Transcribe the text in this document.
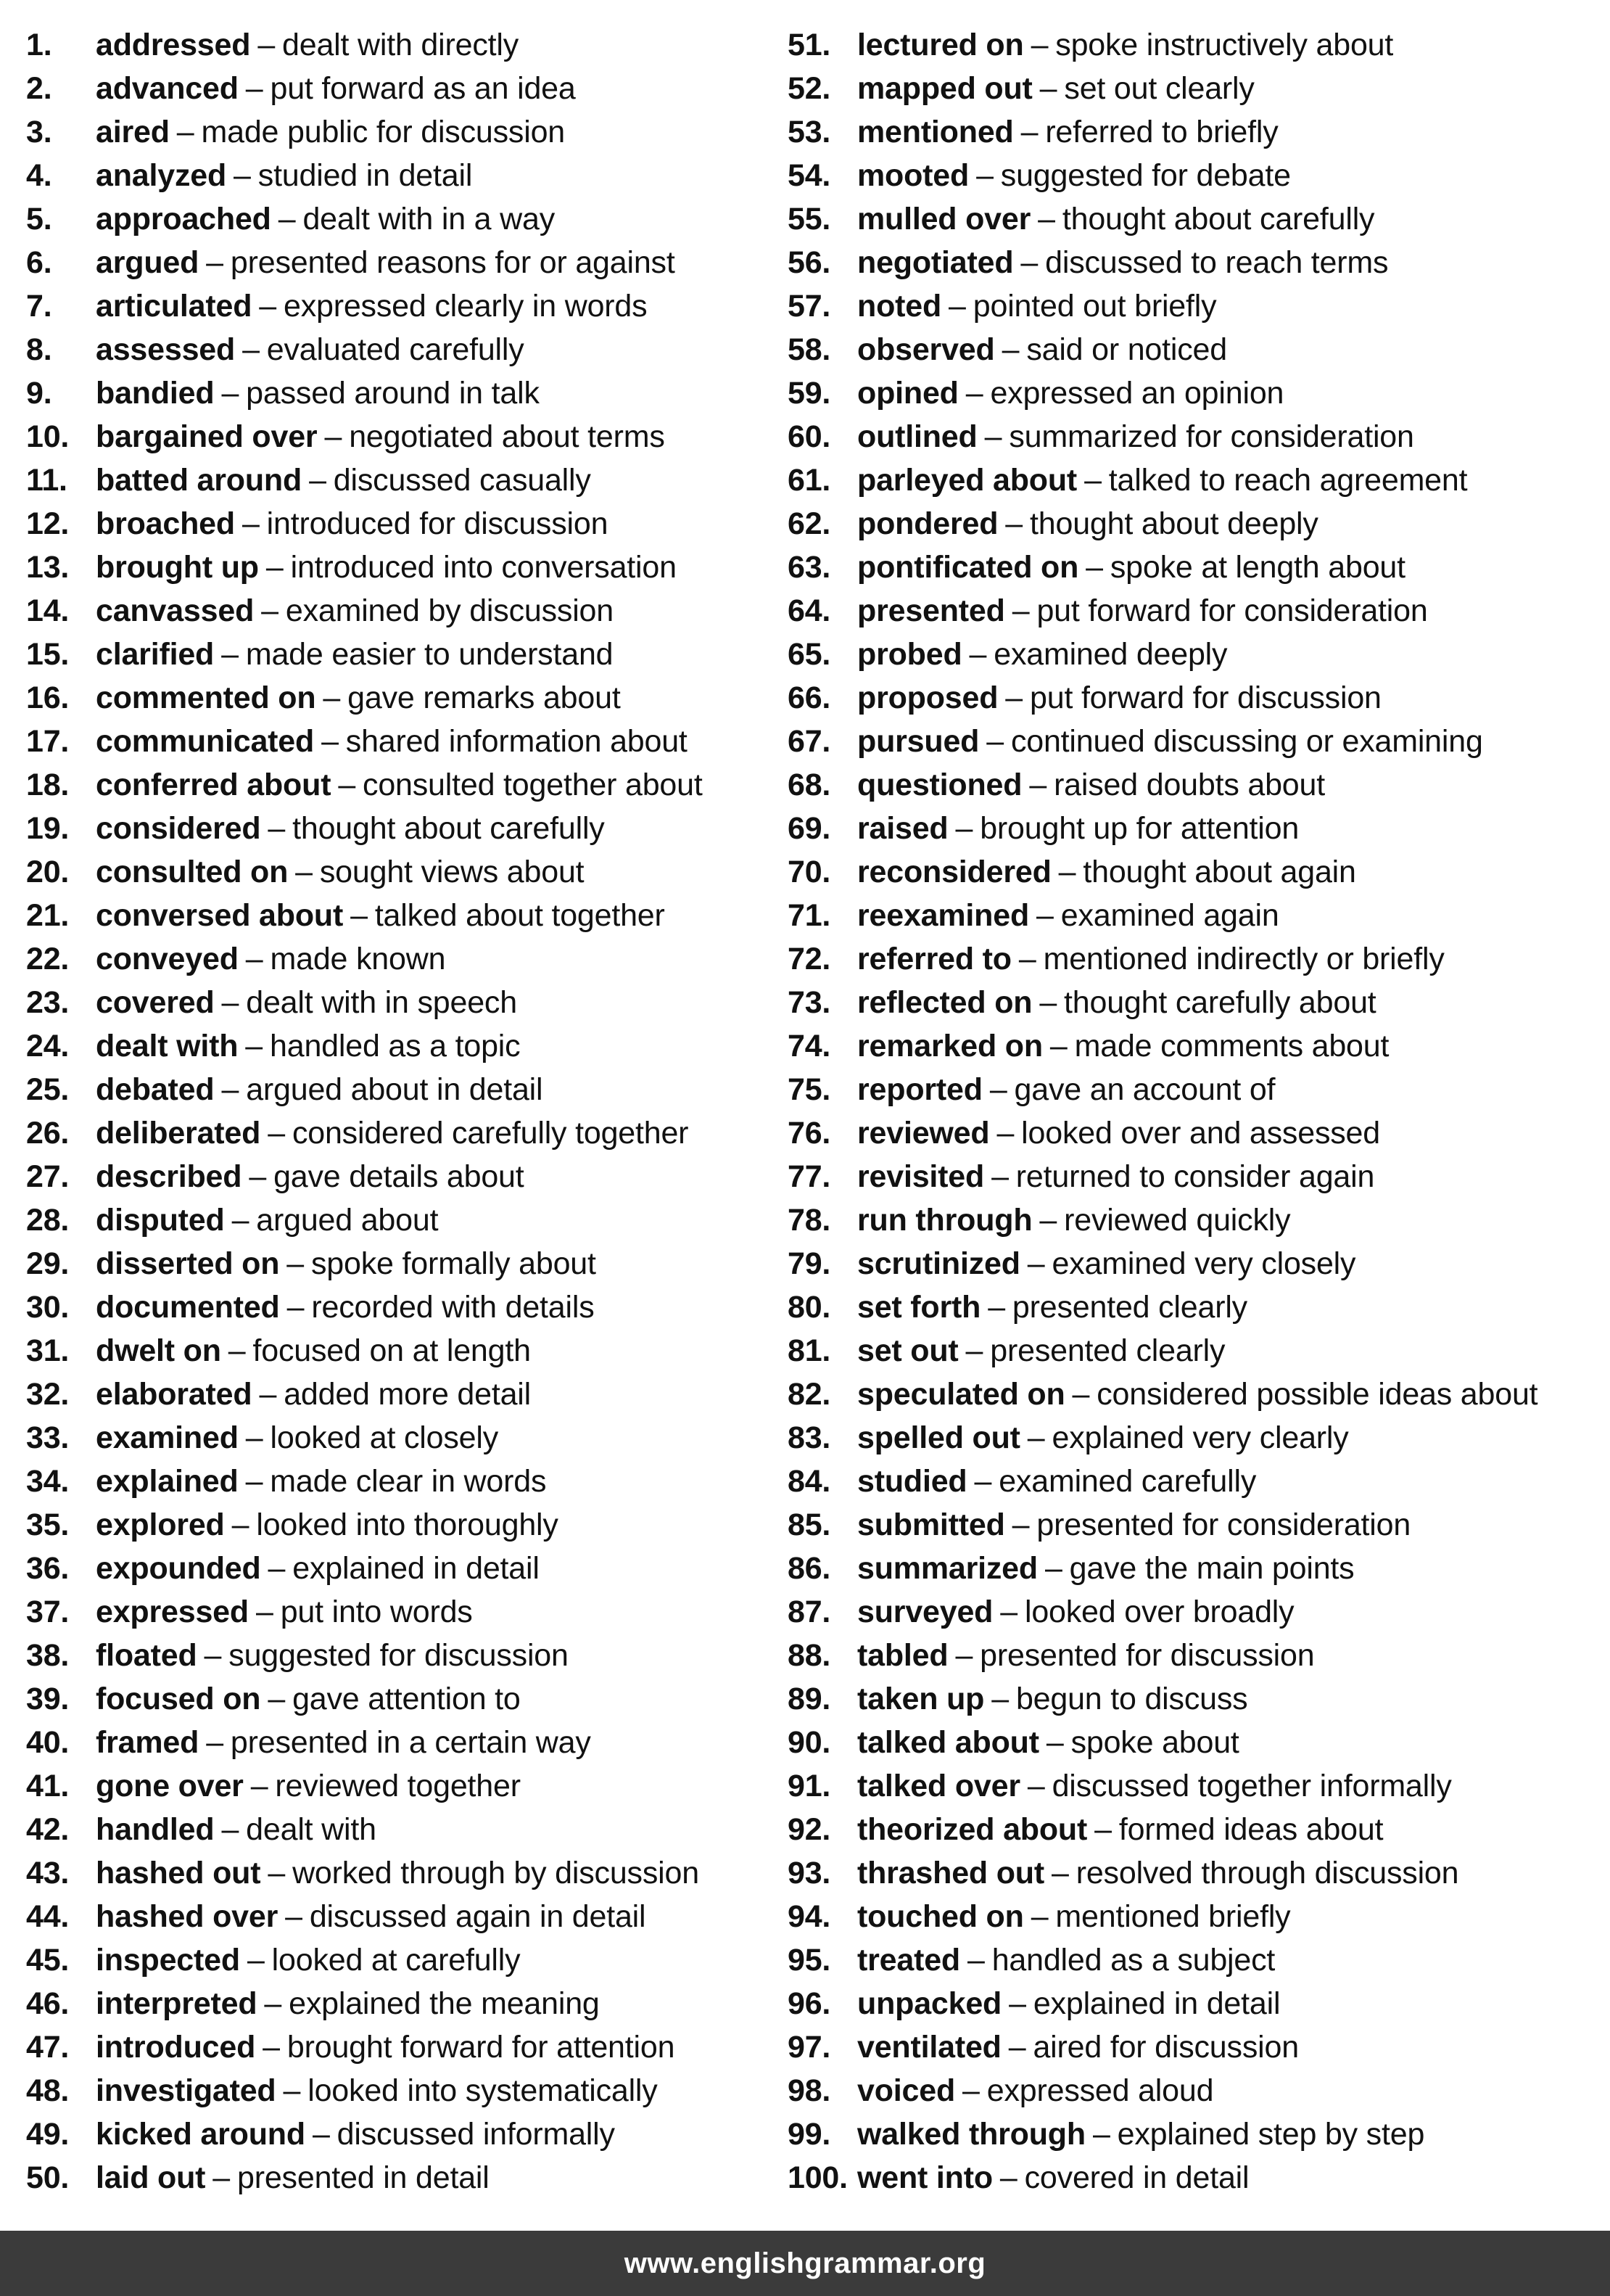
1.	addressed – dealt with directly
2.	advanced – put forward as an idea
3.	aired – made public for discussion
4.	analyzed – studied in detail
5.	approached – dealt with in a way
6.	argued – presented reasons for or against
7.	articulated – expressed clearly in words
8.	assessed – evaluated carefully
9.	bandied – passed around in talk
10. bargained over – negotiated about terms
11. batted around – discussed casually
12. broached – introduced for discussion
13. brought up – introduced into conversation
14. canvassed – examined by discussion
15. clarified – made easier to understand
16. commented on – gave remarks about
17. communicated – shared information about
18. conferred about – consulted together about
19. considered – thought about carefully
20. consulted on – sought views about
21. conversed about – talked about together
22. conveyed – made known
23. covered – dealt with in speech
24. dealt with – handled as a topic
25. debated – argued about in detail
26. deliberated – considered carefully together
27. described – gave details about
28. disputed – argued about
29. disserted on – spoke formally about
30. documented – recorded with details
31. dwelt on – focused on at length
32. elaborated – added more detail
33. examined – looked at closely
34. explained – made clear in words
35. explored – looked into thoroughly
36. expounded – explained in detail
37. expressed – put into words
38. floated – suggested for discussion
39. focused on – gave attention to
40. framed – presented in a certain way
41. gone over – reviewed together
42. handled – dealt with
43. hashed out – worked through by discussion
44. hashed over – discussed again in detail
45. inspected – looked at carefully
46. interpreted – explained the meaning
47. introduced – brought forward for attention
48. investigated – looked into systematically
49. kicked around – discussed informally
50. laid out – presented in detail
51. lectured on – spoke instructively about
52. mapped out – set out clearly
53. mentioned – referred to briefly
54. mooted – suggested for debate
55. mulled over – thought about carefully
56. negotiated – discussed to reach terms
57. noted – pointed out briefly
58. observed – said or noticed
59. opined – expressed an opinion
60. outlined – summarized for consideration
61. parleyed about – talked to reach agreement
62. pondered – thought about deeply
63. pontificated on – spoke at length about
64. presented – put forward for consideration
65. probed – examined deeply
66. proposed – put forward for discussion
67. pursued – continued discussing or examining
68. questioned – raised doubts about
69. raised – brought up for attention
70. reconsidered – thought about again
71. reexamined – examined again
72. referred to – mentioned indirectly or briefly
73. reflected on – thought carefully about
74. remarked on – made comments about
75. reported – gave an account of
76. reviewed – looked over and assessed
77. revisited – returned to consider again
78. run through – reviewed quickly
79. scrutinized – examined very closely
80. set forth – presented clearly
81. set out – presented clearly
82. speculated on – considered possible ideas about
83. spelled out – explained very clearly
84. studied – examined carefully
85. submitted – presented for consideration
86. summarized – gave the main points
87. surveyed – looked over broadly
88. tabled – presented for discussion
89. taken up – begun to discuss
90. talked about – spoke about
91. talked over – discussed together informally
92. theorized about – formed ideas about
93. thrashed out – resolved through discussion
94. touched on – mentioned briefly
95. treated – handled as a subject
96. unpacked – explained in detail
97. ventilated – aired for discussion
98. voiced – expressed aloud
99. walked through – explained step by step
100. went into – covered in detail
www.englishgrammar.org
